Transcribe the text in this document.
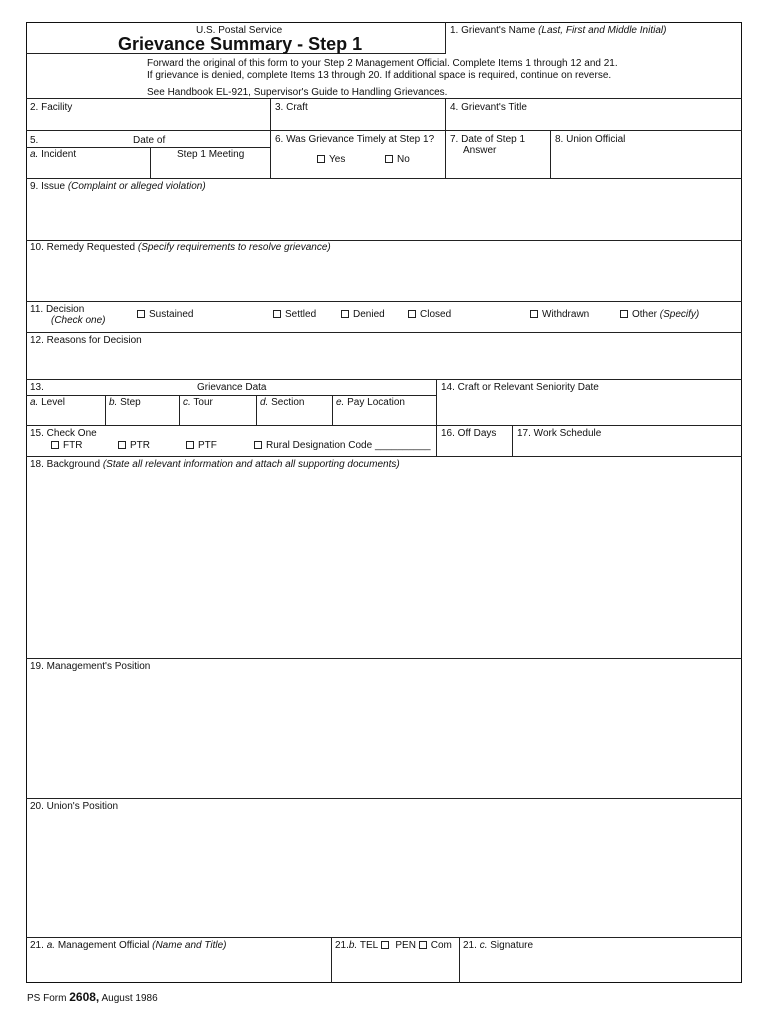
U.S. Postal Service
Grievance Summary - Step 1
1. Grievant's Name (Last, First and Middle Initial)
Forward the original of this form to your Step 2 Management Official. Complete Items 1 through 12 and 21.
If grievance is denied, complete Items 13 through 20. If additional space is required, continue on reverse.
See Handbook EL-921, Supervisor's Guide to Handling Grievances.
2. Facility	3. Craft	4. Grievant's Title
5.	Date of
a. Incident	Step 1 Meeting
6. Was Grievance Timely at Step 1?
Yes	No
7. Date of Step 1
Answer
8. Union Official
9. Issue (Complaint or alleged violation)
10. Remedy Requested (Specify requirements to resolve grievance)
11. Decision
(Check one)
Sustained	Settled	Denied	Closed	Withdrawn	Other (Specify)
12. Reasons for Decision
13.	Grievance Data
a. Level	b. Step	c. Tour	d. Section	e. Pay Location
14. Craft or Relevant Seniority Date
15. Check One
FTR	PTR	PTF	Rural Designation Code __________
16. Off Days 17. Work Schedule
18. Background (State all relevant information and attach all supporting documents)
19. Management's Position
20. Union's Position
21. a. Management Official (Name and Title)	21.b. TEL PEN Com 21. c. Signature
PS Form 2608, August 1986
